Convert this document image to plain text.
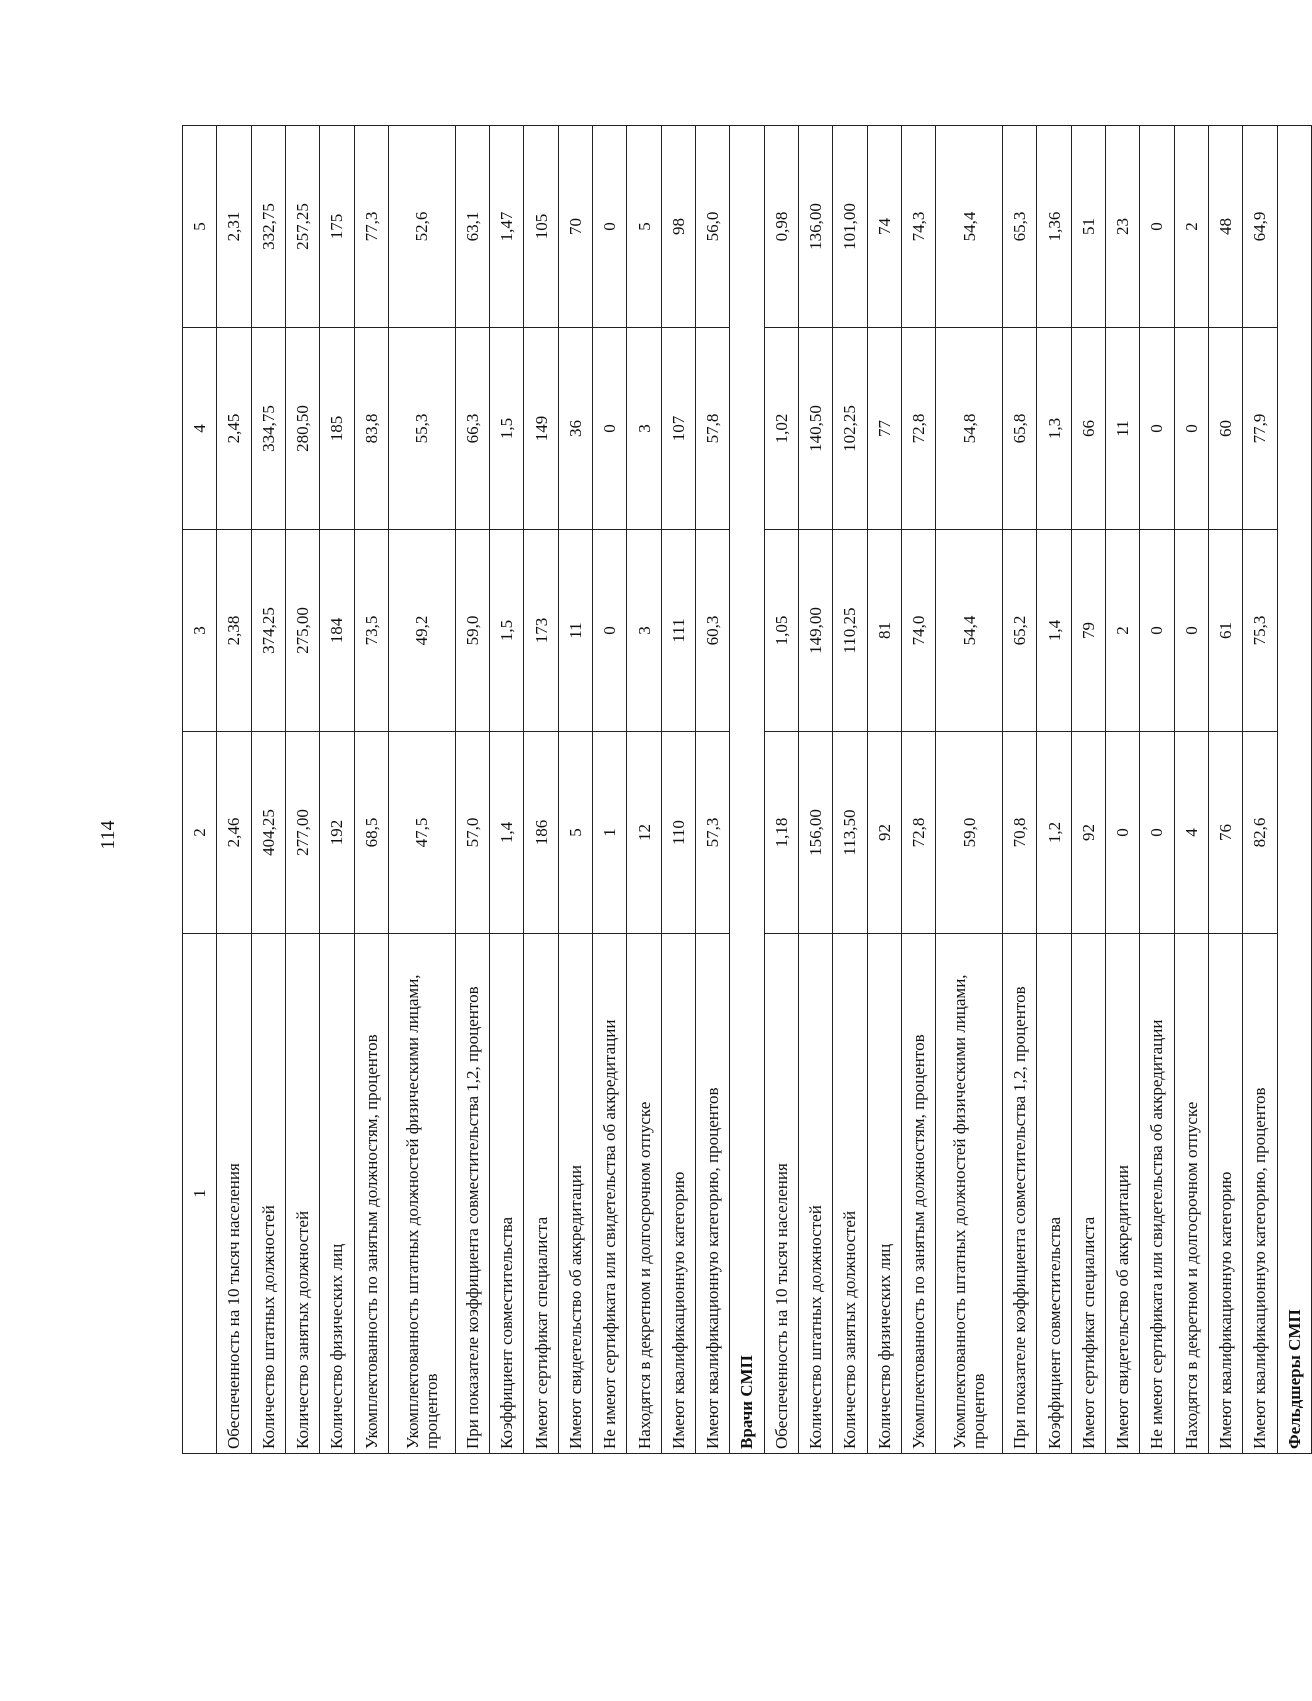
114
1	2	3	4	5
Обеспеченность на 10 тысяч населения	2,46	2,38	2,45	2,31
Количество штатных должностей	404,25	374,25	334,75	332,75
Количество занятых должностей	277,00	275,00	280,50	257,25
Количество физических лиц	192	184	185	175
Укомплектованность по занятым должностям, процентов	68,5	73,5	83,8	77,3
Укомплектованность штатных должностей физическими лицами, процентов	47,5	49,2	55,3	52,6
При показателе коэффициента совместительства 1,2, процентов	57,0	59,0	66,3	63,1
Коэффициент совместительства	1,4	1,5	1,5	1,47
Имеют сертификат специалиста	186	173	149	105
Имеют свидетельство об аккредитации	5	11	36	70
Не имеют сертификата или свидетельства об аккредитации	1	0	0	0
Находятся в декретном и долгосрочном отпуске	12	3	3	5
Имеют квалификационную категорию	110	111	107	98
Имеют квалификационную категорию, процентов	57,3	60,3	57,8	56,0
Врачи СМП				
Обеспеченность на 10 тысяч населения	1,18	1,05	1,02	0,98
Количество штатных должностей	156,00	149,00	140,50	136,00
Количество занятых должностей	113,50	110,25	102,25	101,00
Количество физических лиц	92	81	77	74
Укомплектованность по занятым должностям, процентов	72,8	74,0	72,8	74,3
Укомплектованность штатных должностей физическими лицами, процентов	59,0	54,4	54,8	54,4
При показателе коэффициента совместительства 1,2, процентов	70,8	65,2	65,8	65,3
Коэффициент совместительства	1,2	1,4	1,3	1,36
Имеют сертификат специалиста	92	79	66	51
Имеют свидетельство об аккредитации	0	2	11	23
Не имеют сертификата или свидетельства об аккредитации	0	0	0	0
Находятся в декретном и долгосрочном отпуске	4	0	0	2
Имеют квалификационную категорию	76	61	60	48
Имеют квалификационную категорию, процентов	82,6	75,3	77,9	64,9
Фельдшеры СМП				
